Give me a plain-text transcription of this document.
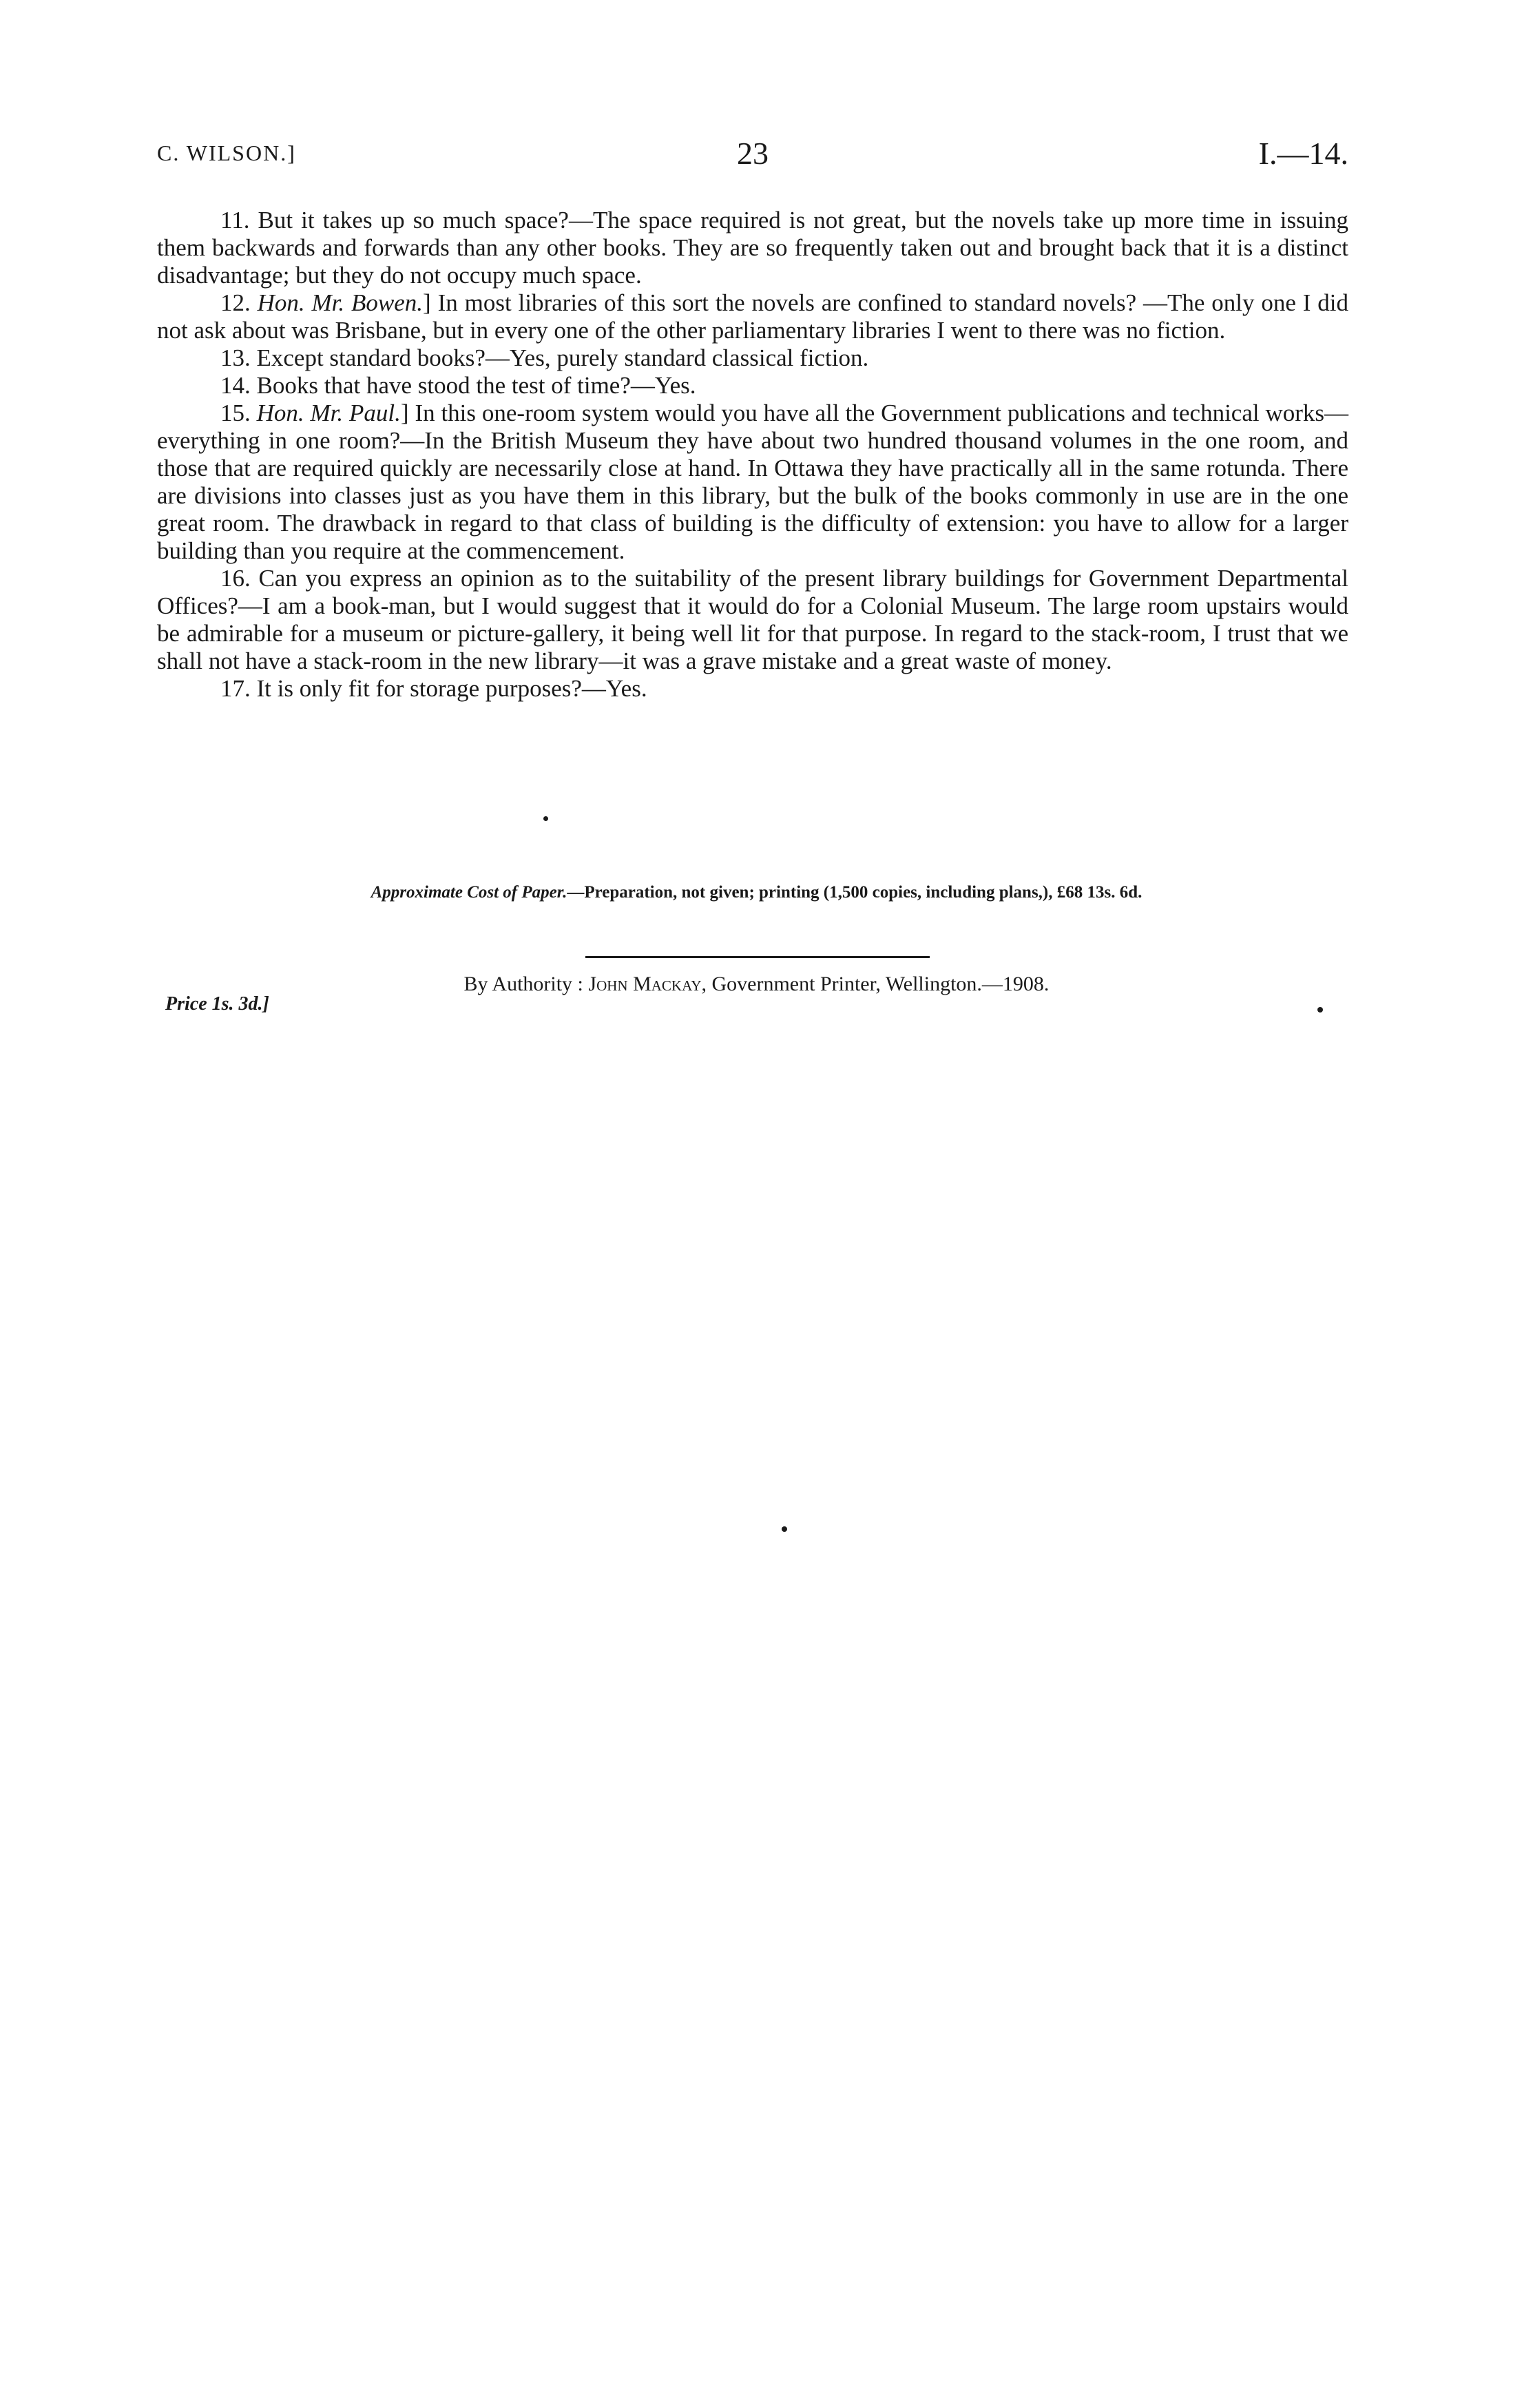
C. WILSON.]	23	I.—14.

11. But it takes up so much space?—The space required is not great, but the novels take up more time in issuing them backwards and forwards than any other books. They are so frequently taken out and brought back that it is a distinct disadvantage; but they do not occupy much space.

12. Hon. Mr. Bowen.] In most libraries of this sort the novels are confined to standard novels? —The only one I did not ask about was Brisbane, but in every one of the other parliamentary libraries I went to there was no fiction.

13. Except standard books?—Yes, purely standard classical fiction.

14. Books that have stood the test of time?—Yes.

15. Hon. Mr. Paul.] In this one-room system would you have all the Government publications and technical works—everything in one room?—In the British Museum they have about two hundred thousand volumes in the one room, and those that are required quickly are necessarily close at hand. In Ottawa they have practically all in the same rotunda. There are divisions into classes just as you have them in this library, but the bulk of the books commonly in use are in the one great room. The drawback in regard to that class of building is the difficulty of extension: you have to allow for a larger building than you require at the commencement.

16. Can you express an opinion as to the suitability of the present library buildings for Government Departmental Offices?—I am a book-man, but I would suggest that it would do for a Colonial Museum. The large room upstairs would be admirable for a museum or picture-gallery, it being well lit for that purpose. In regard to the stack-room, I trust that we shall not have a stack-room in the new library—it was a grave mistake and a great waste of money.

17. It is only fit for storage purposes?—Yes.

Approximate Cost of Paper.—Preparation, not given; printing (1,500 copies, including plans,), £68 13s. 6d.
By Authority : John Mackay, Government Printer, Wellington.—1908.
Price 1s. 3d.]
